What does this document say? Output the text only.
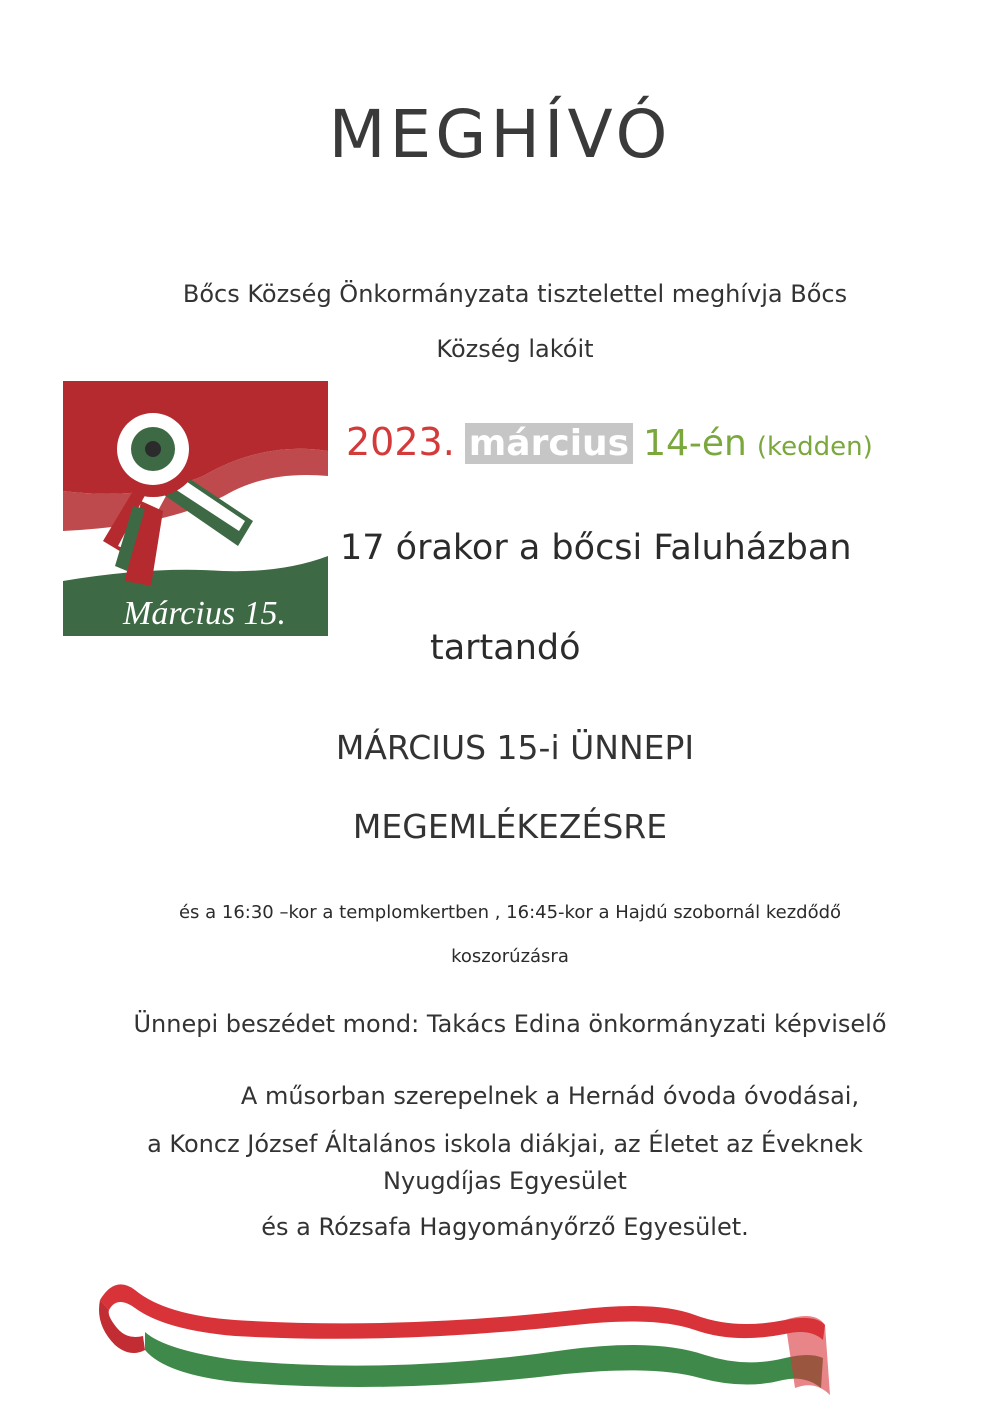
MEGHÍVÓ
Bőcs Község Önkormányzata tisztelettel meghívja Bőcs
Község lakóit
Március 15.
2023. március 14-én (kedden)
17 órakor a bőcsi Faluházban
tartandó
MÁRCIUS 15-i ÜNNEPI
MEGEMLÉKEZÉSRE
és a 16:30 –kor a templomkertben , 16:45-kor a Hajdú szobornál kezdődő
koszorúzásra
Ünnepi beszédet mond: Takács Edina önkormányzati képviselő
A műsorban szerepelnek a Hernád óvoda óvodásai,
a Koncz József Általános iskola diákjai, az Életet az Éveknek
Nyugdíjas Egyesület
és a Rózsafa Hagyományőrző Egyesület.
